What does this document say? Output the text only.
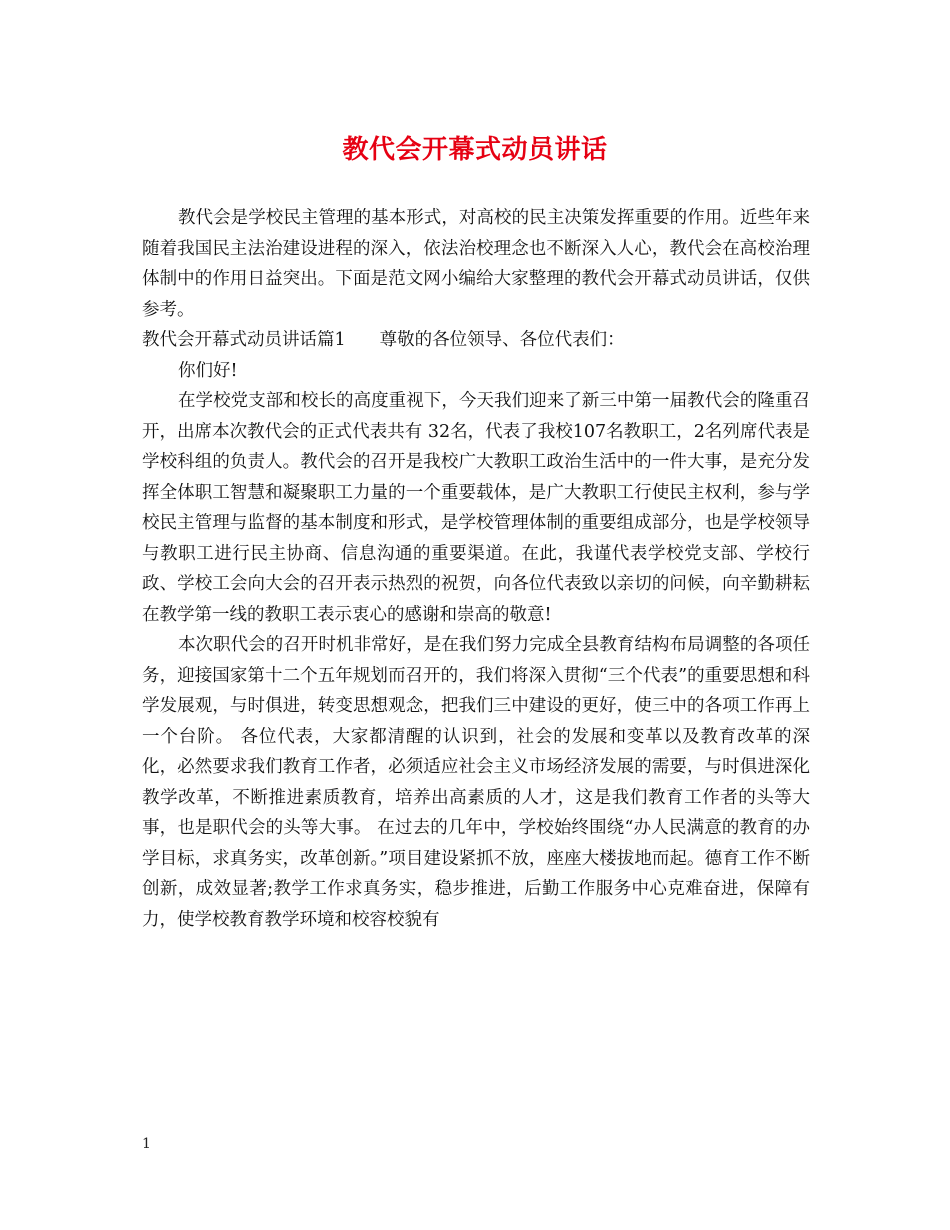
教代会开幕式动员讲话

教代会是学校民主管理的基本形式，对高校的民主决策发挥重要的作用。近些年来随着我国民主法治建设进程的深入，依法治校理念也不断深入人心，教代会在高校治理体制中的作用日益突出。下面是范文网小编给大家整理的教代会开幕式动员讲话，仅供参考。

教代会开幕式动员讲话篇1 尊敬的各位领导、各位代表们：

你们好!

在学校党支部和校长的高度重视下，今天我们迎来了新三中第一届教代会的隆重召开，出席本次教代会的正式代表共有 32名，代表了我校107名教职工，2名列席代表是学校科组的负责人。教代会的召开是我校广大教职工政治生活中的一件大事，是充分发挥全体职工智慧和凝聚职工力量的一个重要载体，是广大教职工行使民主权利，参与学校民主管理与监督的基本制度和形式，是学校管理体制的重要组成部分，也是学校领导与教职工进行民主协商、信息沟通的重要渠道。在此，我谨代表学校党支部、学校行政、学校工会向大会的召开表示热烈的祝贺，向各位代表致以亲切的问候，向辛勤耕耘在教学第一线的教职工表示衷心的感谢和崇高的敬意!

本次职代会的召开时机非常好，是在我们努力完成全县教育结构布局调整的各项任务，迎接国家第十二个五年规划而召开的，我们将深入贯彻“三个代表”的重要思想和科学发展观，与时俱进，转变思想观念，把我们三中建设的更好，使三中的各项工作再上一个台阶。 各位代表，大家都清醒的认识到，社会的发展和变革以及教育改革的深化，必然要求我们教育工作者，必须适应社会主义市场经济发展的需要，与时俱进深化教学改革，不断推进素质教育，培养出高素质的人才，这是我们教育工作者的头等大事，也是职代会的头等大事。 在过去的几年中，学校始终围绕“办人民满意的教育的办学目标，求真务实，改革创新。”项目建设紧抓不放，座座大楼拔地而起。德育工作不断创新，成效显著;教学工作求真务实，稳步推进，后勤工作服务中心克难奋进，保障有力，使学校教育教学环境和校容校貌有

1
